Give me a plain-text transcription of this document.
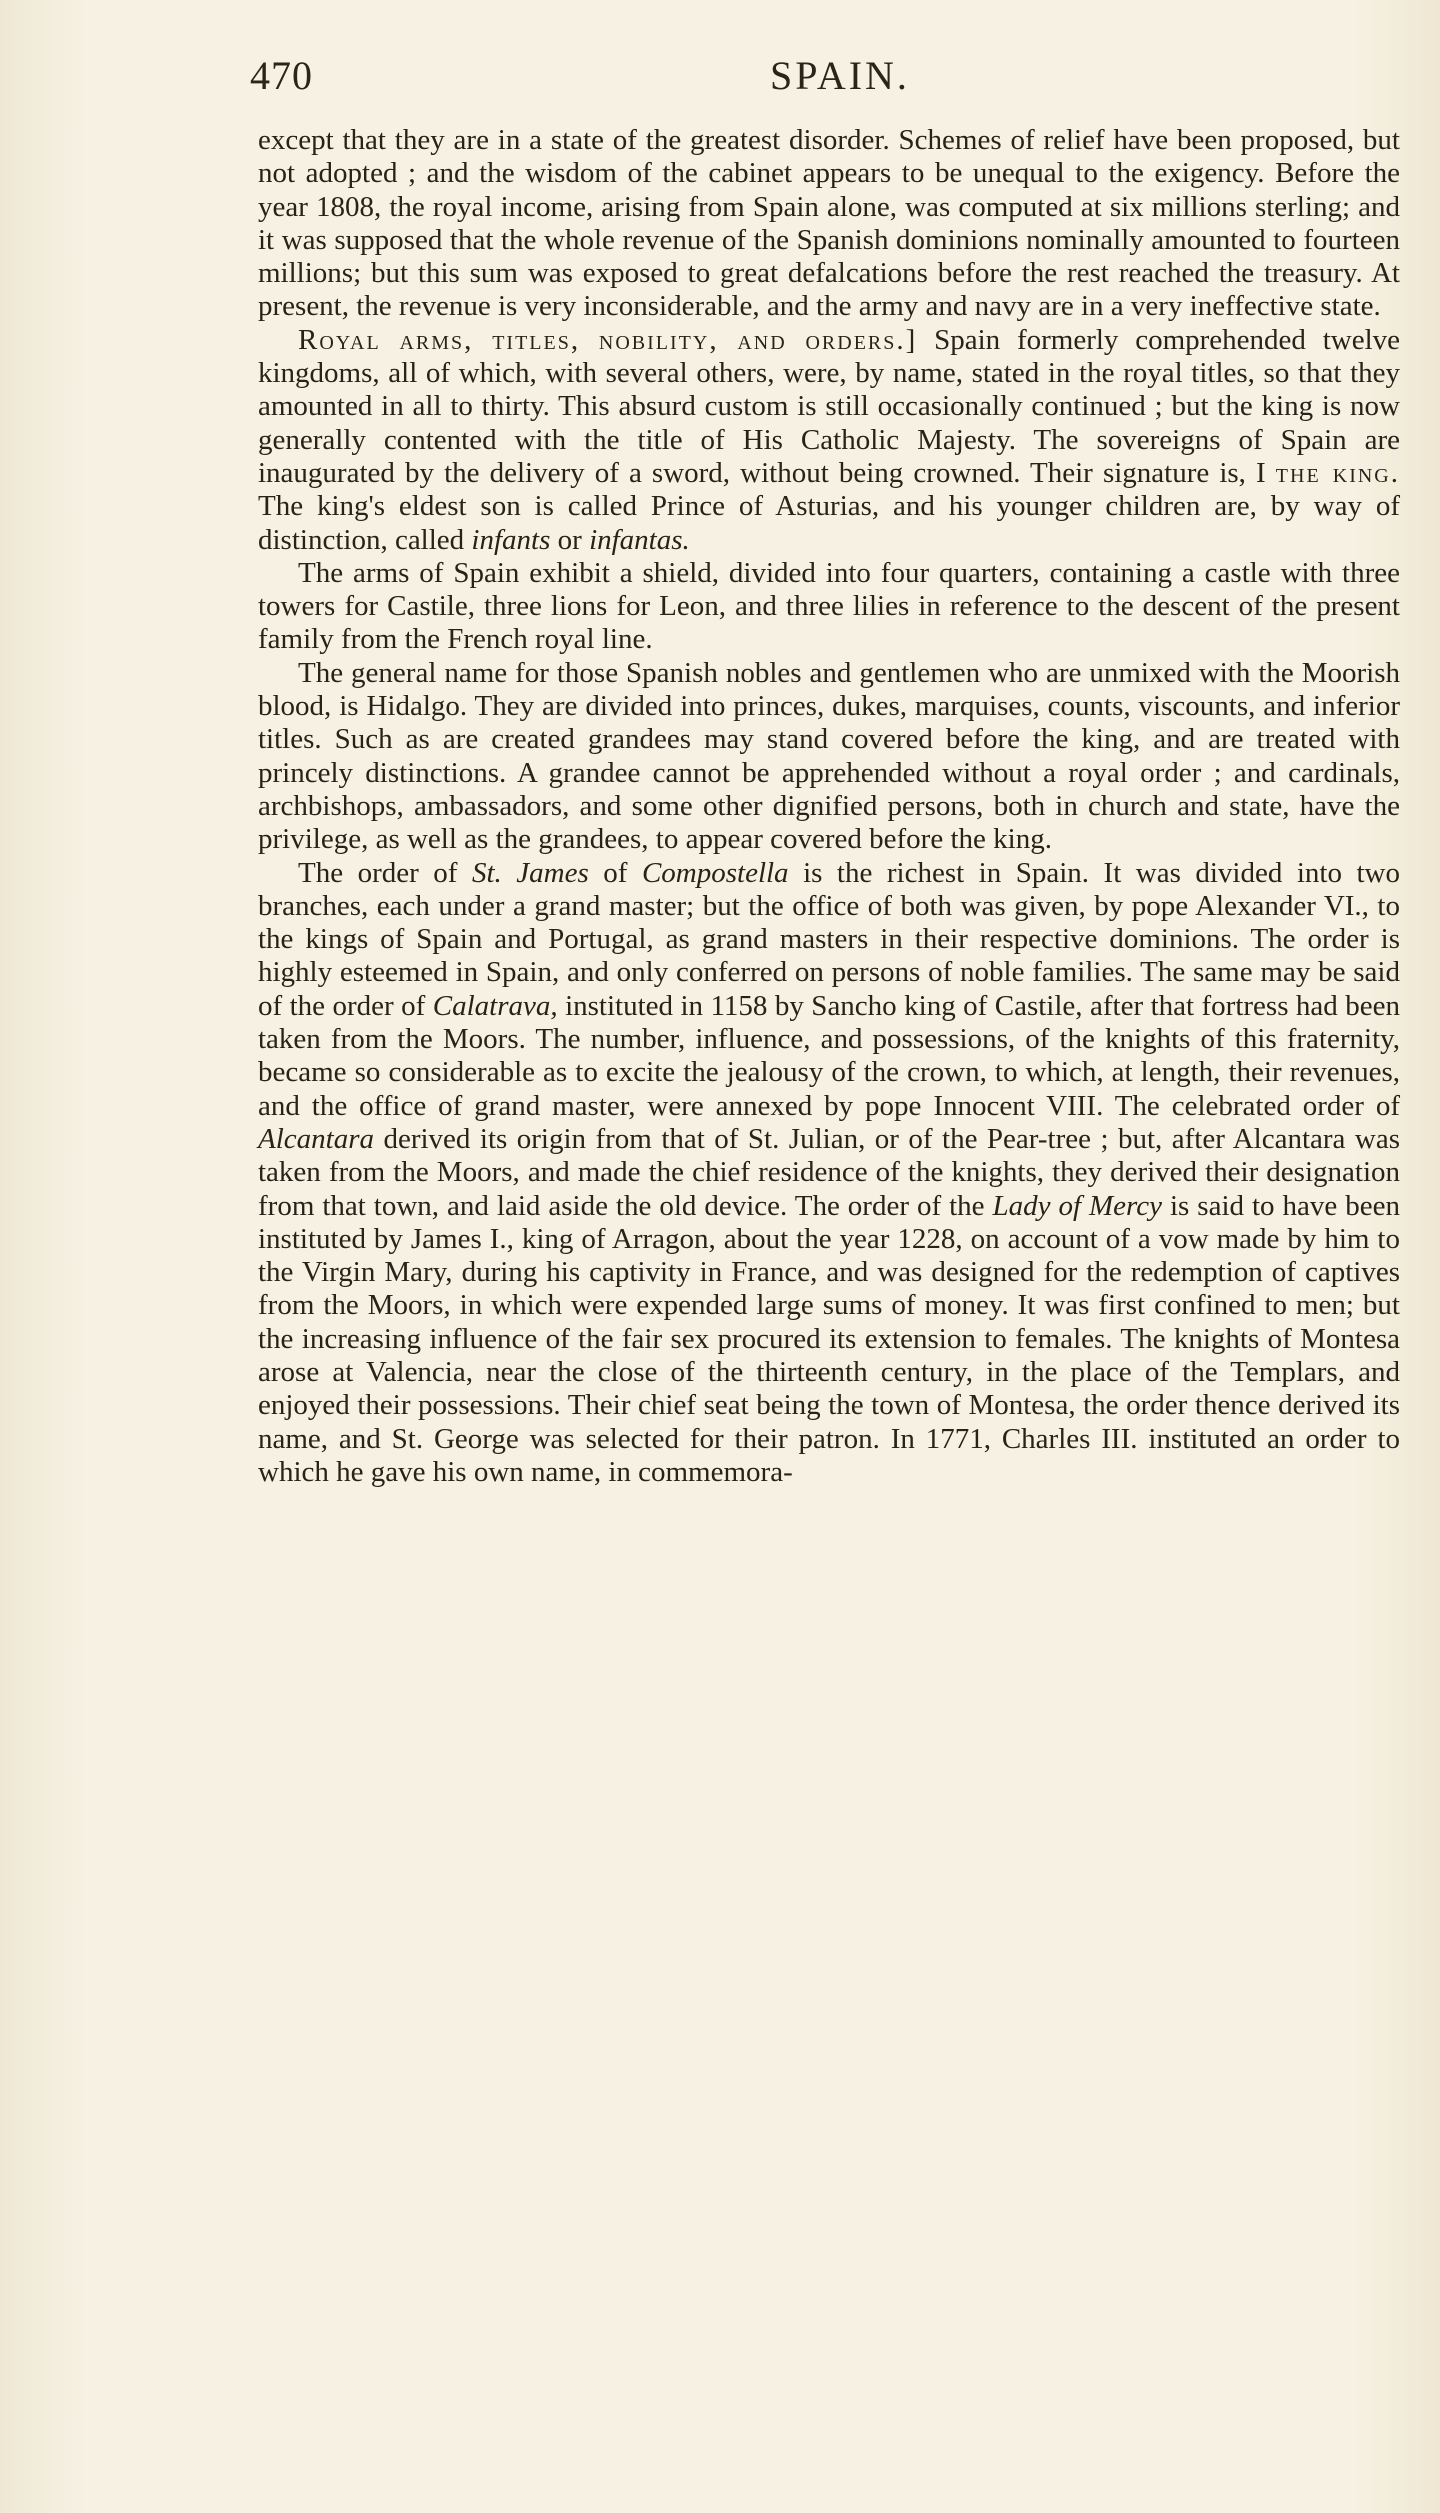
470	SPAIN.

except that they are in a state of the greatest disorder. Schemes of relief have been proposed, but not adopted ; and the wisdom of the cabinet appears to be unequal to the exigency. Before the year 1808, the royal income, arising from Spain alone, was computed at six millions sterling; and it was supposed that the whole revenue of the Spanish dominions nominally amounted to fourteen millions; but this sum was exposed to great defalcations before the rest reached the treasury. At present, the revenue is very inconsiderable, and the army and navy are in a very ineffective state.

Royal arms, titles, nobility, and orders.] Spain formerly comprehended twelve kingdoms, all of which, with several others, were, by name, stated in the royal titles, so that they amounted in all to thirty. This absurd custom is still occasionally continued ; but the king is now generally contented with the title of His Catholic Majesty. The sovereigns of Spain are inaugurated by the delivery of a sword, without being crowned. Their signature is, I the king. The king's eldest son is called Prince of Asturias, and his younger children are, by way of distinction, called infants or infantas.

The arms of Spain exhibit a shield, divided into four quarters, containing a castle with three towers for Castile, three lions for Leon, and three lilies in reference to the descent of the present family from the French royal line.

The general name for those Spanish nobles and gentlemen who are unmixed with the Moorish blood, is Hidalgo. They are divided into princes, dukes, marquises, counts, viscounts, and inferior titles. Such as are created grandees may stand covered before the king, and are treated with princely distinctions. A grandee cannot be apprehended without a royal order ; and cardinals, archbishops, ambassadors, and some other dignified persons, both in church and state, have the privilege, as well as the grandees, to appear covered before the king.

The order of St. James of Compostella is the richest in Spain. It was divided into two branches, each under a grand master; but the office of both was given, by pope Alexander VI., to the kings of Spain and Portugal, as grand masters in their respective dominions. The order is highly esteemed in Spain, and only conferred on persons of noble families. The same may be said of the order of Calatrava, instituted in 1158 by Sancho king of Castile, after that fortress had been taken from the Moors. The number, influence, and possessions, of the knights of this fraternity, became so considerable as to excite the jealousy of the crown, to which, at length, their revenues, and the office of grand master, were annexed by pope Innocent VIII. The celebrated order of Alcantara derived its origin from that of St. Julian, or of the Pear-tree ; but, after Alcantara was taken from the Moors, and made the chief residence of the knights, they derived their designation from that town, and laid aside the old device. The order of the Lady of Mercy is said to have been instituted by James I., king of Arragon, about the year 1228, on account of a vow made by him to the Virgin Mary, during his captivity in France, and was designed for the redemption of captives from the Moors, in which were expended large sums of money. It was first confined to men; but the increasing influence of the fair sex procured its extension to females. The knights of Montesa arose at Valencia, near the close of the thirteenth century, in the place of the Templars, and enjoyed their possessions. Their chief seat being the town of Montesa, the order thence derived its name, and St. George was selected for their patron. In 1771, Charles III. instituted an order to which he gave his own name, in commemora-
